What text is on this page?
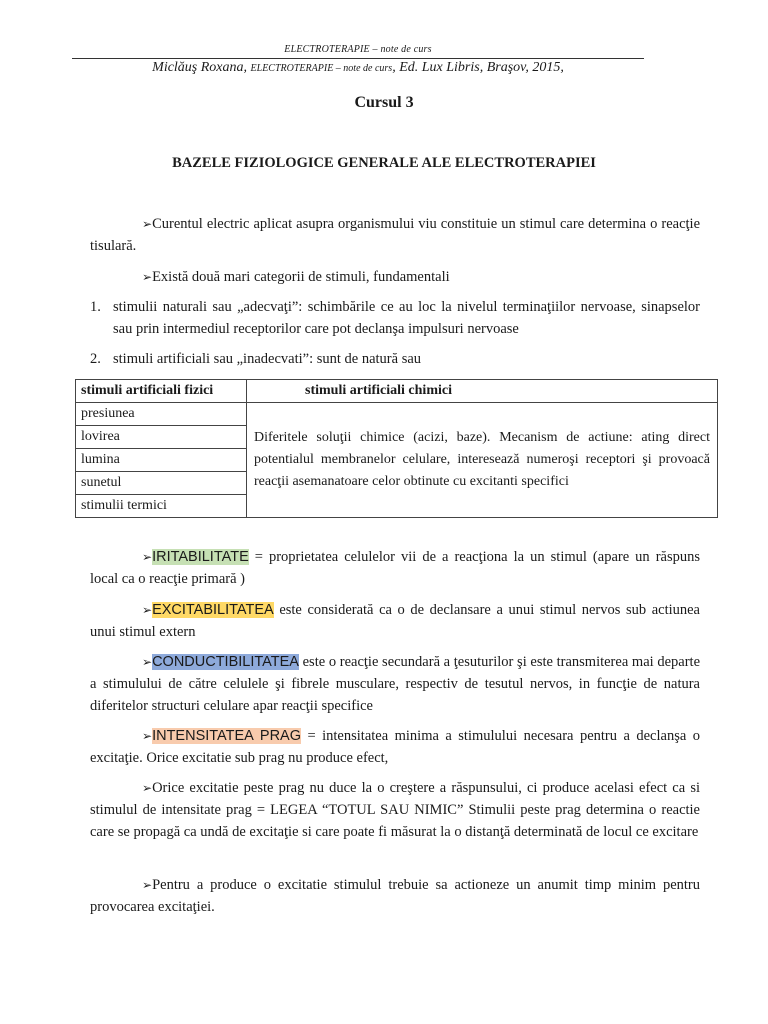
ELECTROTERAPIE – note de curs
Miclăuş Roxana, ELECTROTERAPIE – note de curs, Ed. Lux Libris, Braşov, 2015,
Cursul 3
BAZELE FIZIOLOGICE GENERALE ALE ELECTROTERAPIEI
➢Curentul electric aplicat asupra organismului viu constituie un stimul care determina o reacţie tisulară.
➢Există două mari categorii de stimuli, fundamentali
1. stimulii naturali sau „adecvaţi”: schimbările ce au loc la nivelul terminaţiilor nervoase, sinapselor sau prin intermediul receptorilor care pot declanşa impulsuri nervoase
2. stimuli artificiali sau „inadecvati”: sunt de natură sau
stimuli artificiali fizici	stimuli artificiali chimici
presiunea	Diferitele soluţii chimice (acizi, baze). Mecanism de actiune: ating direct potentialul membranelor celulare, interesează numeroşi receptori şi provoacă reacţii asemanatoare celor obtinute cu excitanti specifici
lovirea	
lumina	
sunetul	
stimulii termici	
➢IRITABILITATE = proprietatea celulelor vii de a reacţiona la un stimul (apare un răspuns local ca o reacţie primară )
➢EXCITABILITATEA este considerată ca o de declansare a unui stimul nervos sub actiunea unui stimul extern
➢CONDUCTIBILITATEA este o reacţie secundară a ţesuturilor şi este transmiterea mai departe a stimulului de către celulele şi fibrele musculare, respectiv de tesutul nervos, in funcţie de natura diferitelor structuri celulare apar reacţii specifice
➢INTENSITATEA PRAG = intensitatea minima a stimulului necesara pentru a declanşa o excitaţie. Orice excitatie sub prag nu produce efect,
➢Orice excitatie peste prag nu duce la o creştere a răspunsului, ci produce acelasi efect ca si stimulul de intensitate prag = LEGEA “TOTUL SAU NIMIC” Stimulii peste prag determina o reactie care se propagă ca undă de excitaţie si care poate fi măsurat la o distanţă determinată de locul ce excitare
➢Pentru a produce o excitatie stimulul trebuie sa actioneze un anumit timp minim pentru provocarea excitaţiei.
